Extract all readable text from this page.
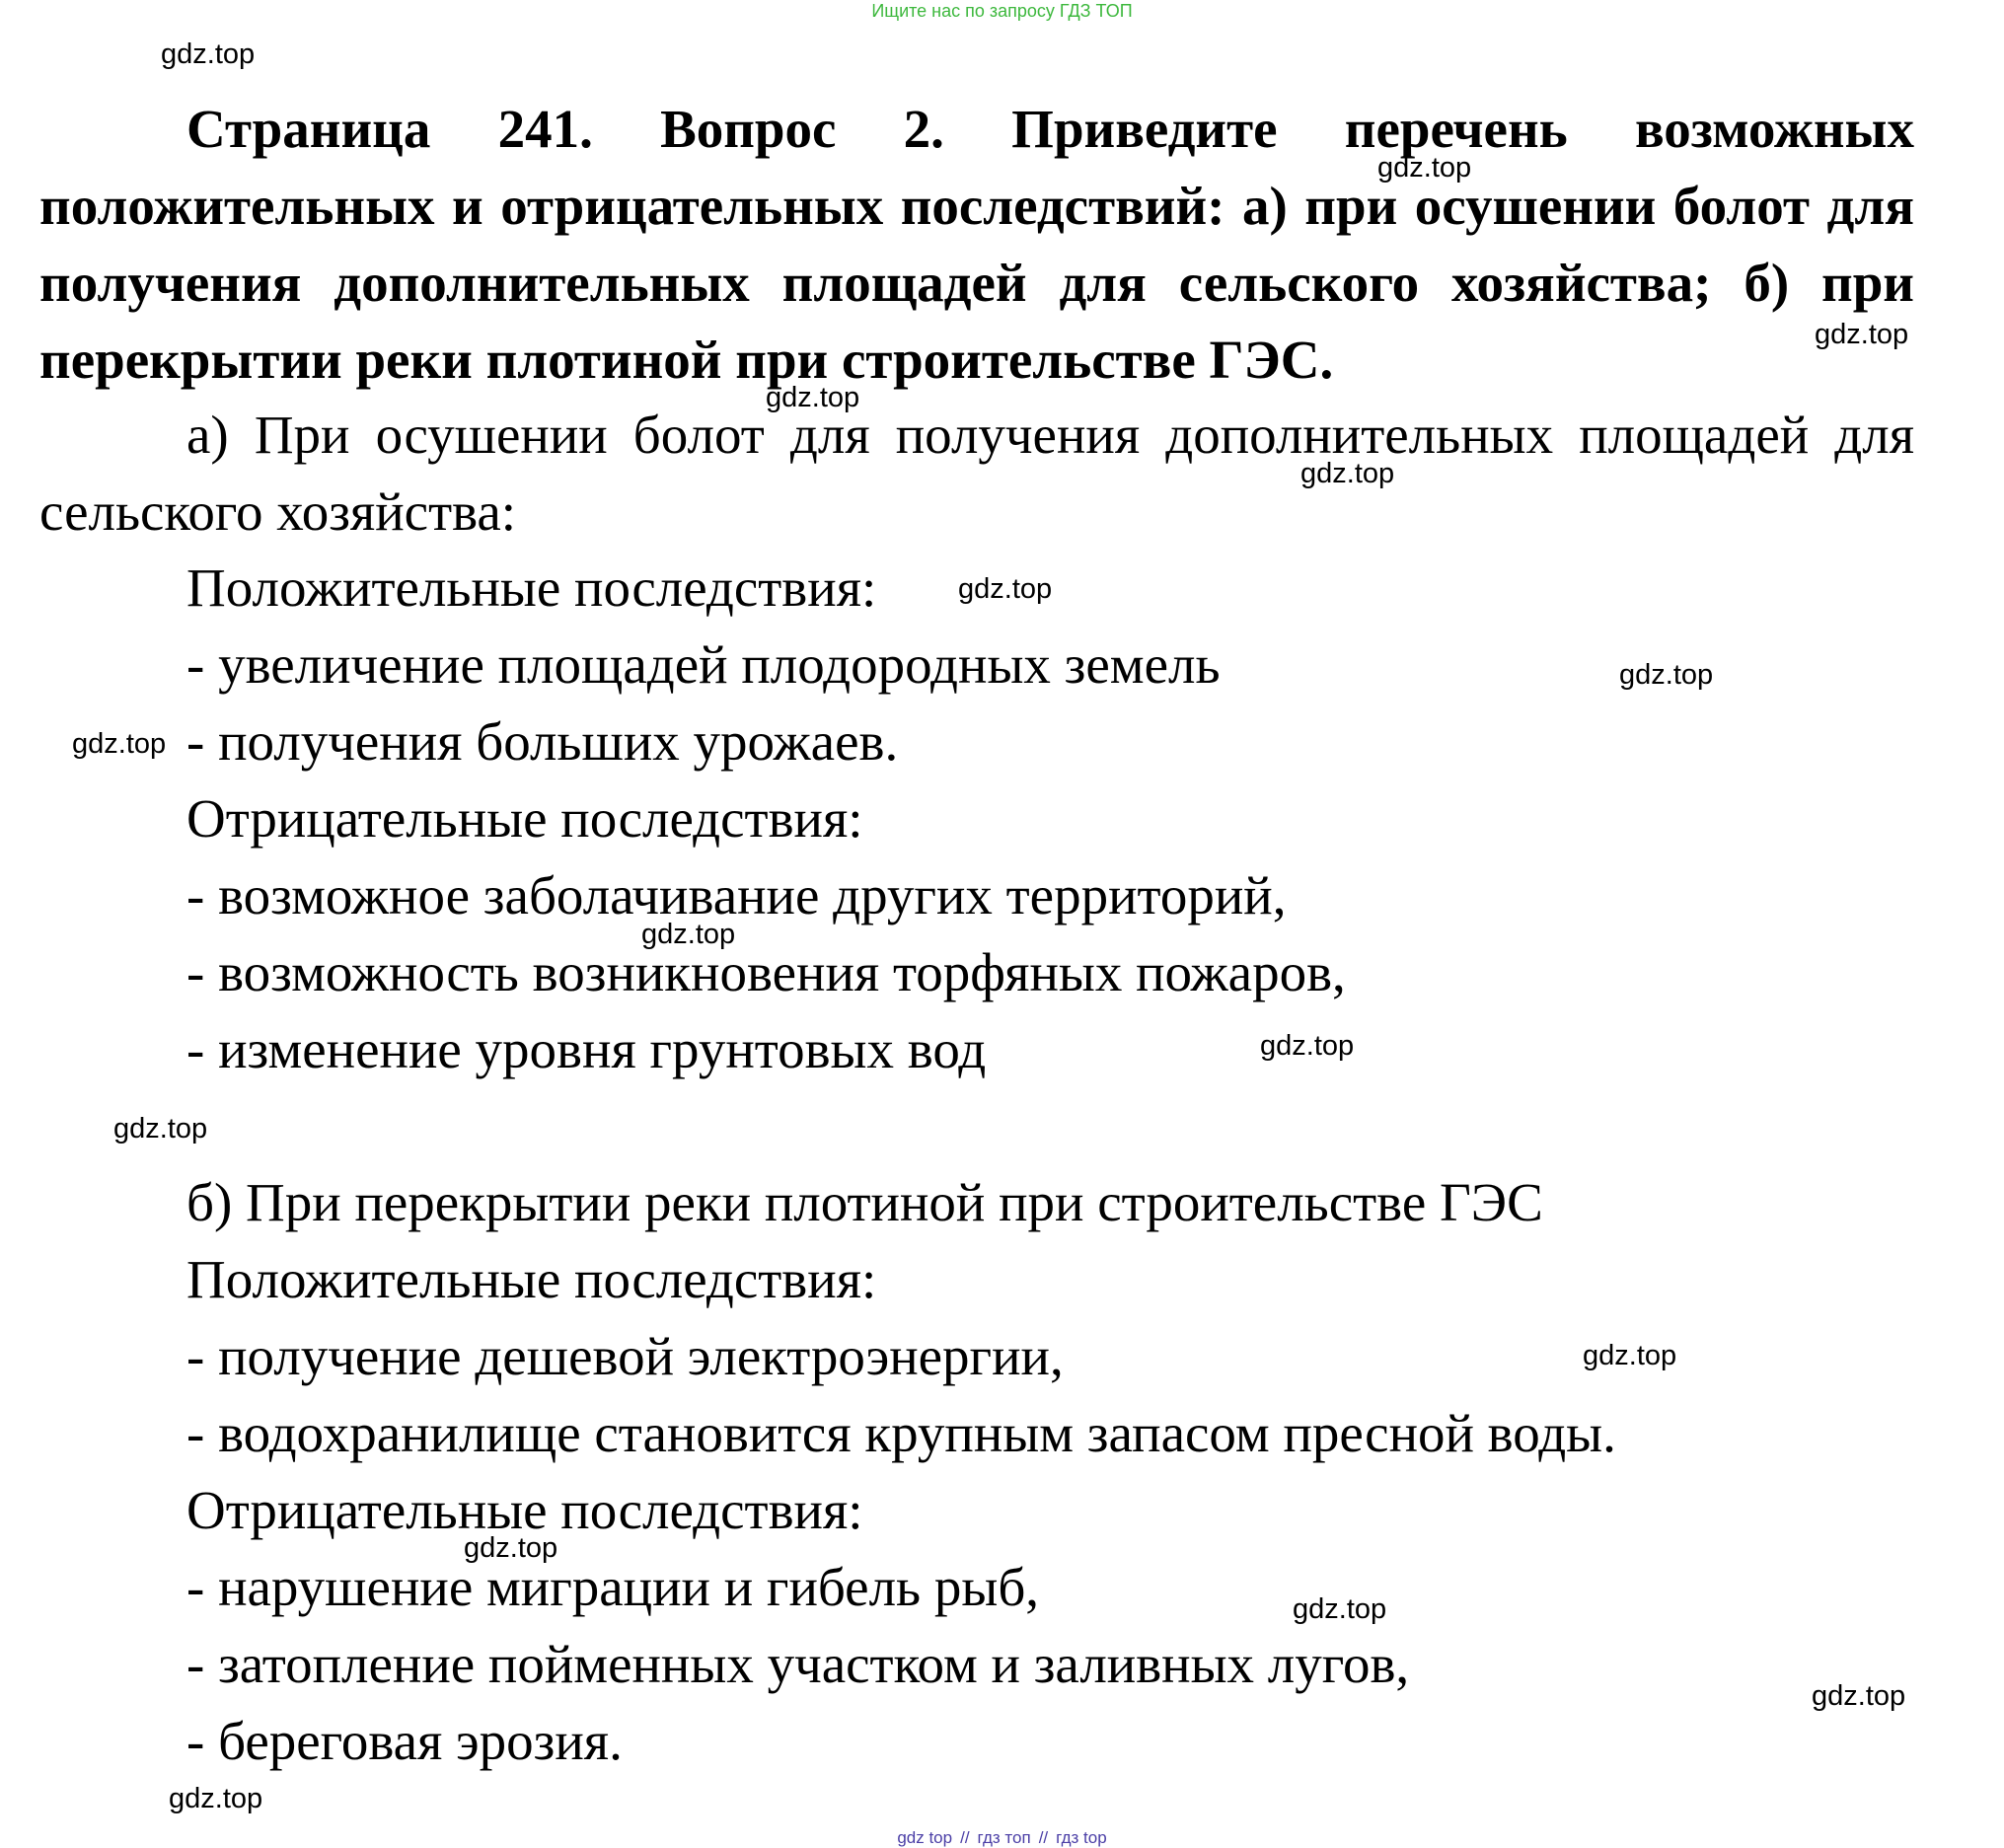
Ищите нас по запросу ГДЗ ТОП
Страница 241. Вопрос 2. Приведите перечень возможных положительных и отрицательных последствий: а) при осушении болот для получения дополнительных площадей для сельского хозяйства; б) при перекрытии реки плотиной при строительстве ГЭС.
а) При осушении болот для получения дополнительных площадей для сельского хозяйства:
Положительные последствия:
- увеличение площадей плодородных земель
- получения больших урожаев.
Отрицательные последствия:
- возможное заболачивание других территорий,
- возможность возникновения торфяных пожаров,
- изменение уровня грунтовых вод
б) При перекрытии реки плотиной при строительстве ГЭС
Положительные последствия:
- получение дешевой электроэнергии,
- водохранилище становится крупным запасом пресной воды.
Отрицательные последствия:
- нарушение миграции и гибель рыб,
- затопление пойменных участком и заливных лугов,
- береговая эрозия.
gdz.top
gdz.top
gdz.top
gdz.top
gdz.top
gdz.top
gdz.top
gdz.top
gdz.top
gdz.top
gdz.top
gdz.top
gdz.top
gdz.top
gdz.top
gdz.top
gdz top // гдз топ // гдз top
